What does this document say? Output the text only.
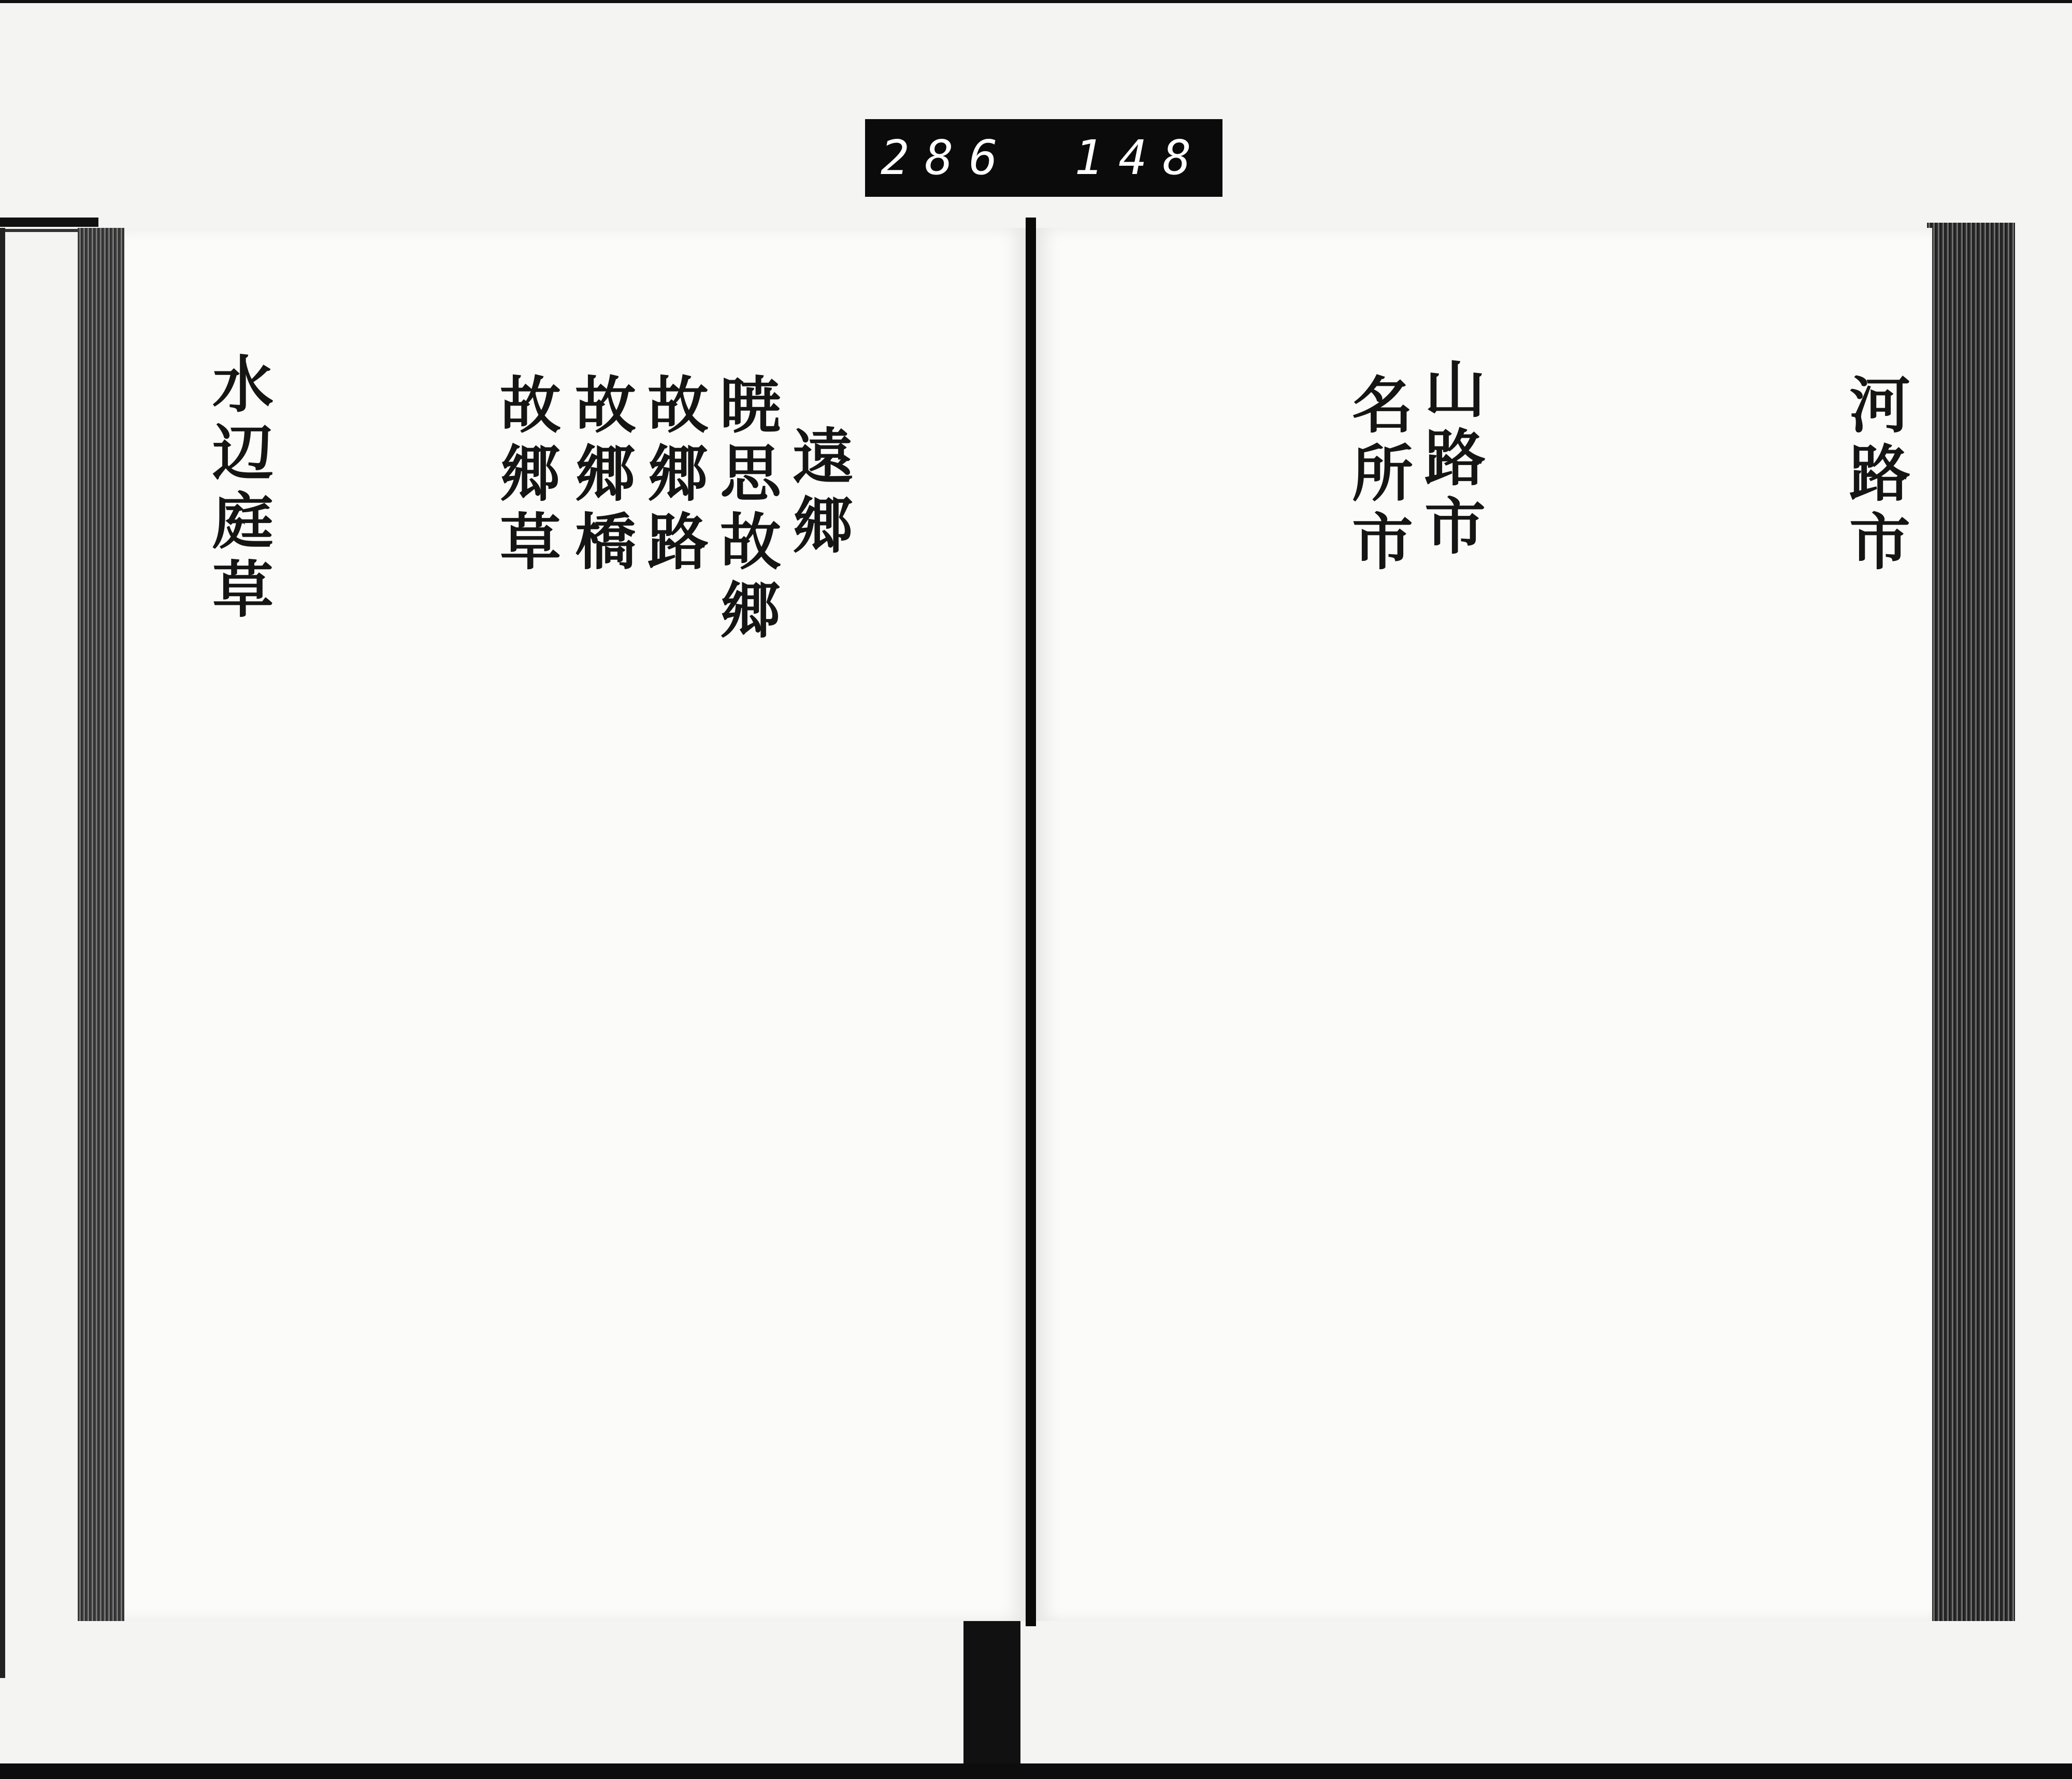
286 148
遠郷
暁思故郷
故郷路
故郷橋
故郷草
水辺庭草	河路市
山路市
名所市
